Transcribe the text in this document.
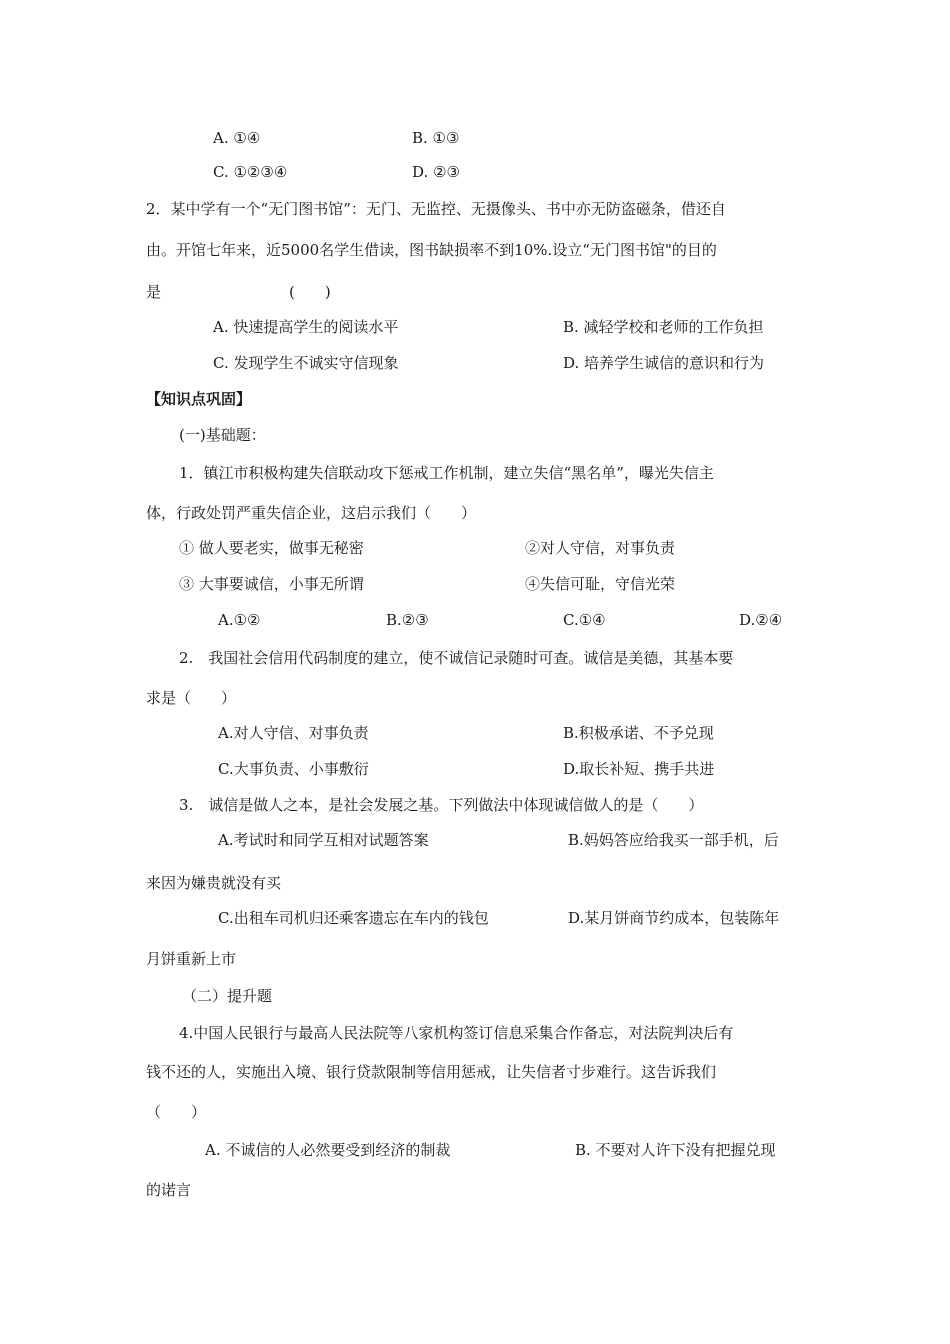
A. ①④	B. ①③
C. ①②③④	D. ②③
2．某中学有一个“无门图书馆”：无门、无监控、无摄像头、书中亦无防盗磁条，借还自
由。开馆七年来，近5000名学生借读，图书缺损率不到10%.设立“无门图书馆"的目的
是	(　　)
A. 快速提高学生的阅读水平	B. 减轻学校和老师的工作负担
C. 发现学生不诚实守信现象	D. 培养学生诚信的意识和行为
【知识点巩固】
(一)基础题：
1．镇江市积极构建失信联动攻下惩戒工作机制，建立失信“黑名单”，曝光失信主
体，行政处罚严重失信企业，这启示我们（　　）
① 做人要老实，做事无秘密	②对人守信，对事负责
③ 大事要诚信，小事无所谓	④失信可耻，守信光荣
A.①②	B.②③	C.①④	D.②④
2.　我国社会信用代码制度的建立，使不诚信记录随时可查。诚信是美德，其基本要
求是（　　）
A.对人守信、对事负责	B.积极承诺、不予兑现
C.大事负责、小事敷衍	D.取长补短、携手共进
3.　诚信是做人之本，是社会发展之基。下列做法中体现诚信做人的是（　　）
A.考试时和同学互相对试题答案	B.妈妈答应给我买一部手机，后
来因为嫌贵就没有买
C.出租车司机归还乘客遗忘在车内的钱包	D.某月饼商节约成本，包装陈年
月饼重新上市
（二）提升题
4.中国人民银行与最高人民法院等八家机构签订信息采集合作备忘，对法院判决后有
钱不还的人，实施出入境、银行贷款限制等信用惩戒，让失信者寸步难行。这告诉我们
（　　）
A. 不诚信的人必然要受到经济的制裁	B. 不要对人许下没有把握兑现
的诺言
